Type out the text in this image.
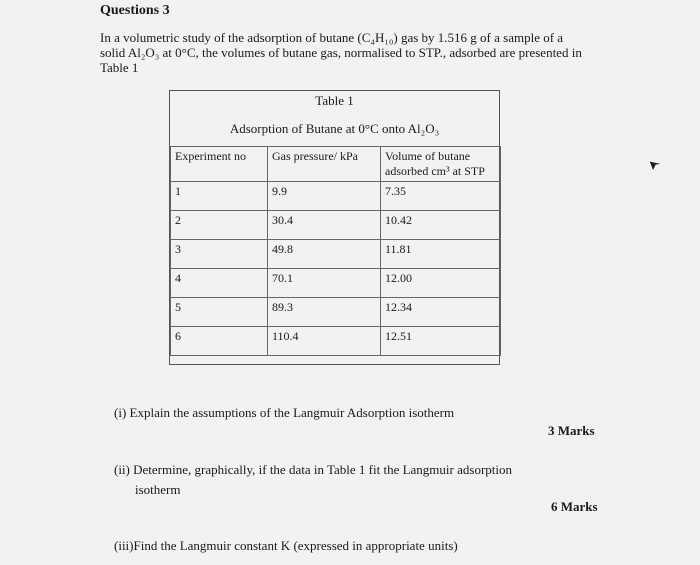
Questions 3

In a volumetric study of the adsorption of butane (C₄H₁₀) gas by 1.516 g of a sample of a

solid Al₂O₃ at 0°C, the volumes of butane gas, normalised to STP., adsorbed are presented in

Table 1

Table 1
Adsorption of Butane at 0°C onto Al₂O₃
Experiment no	Gas pressure/ kPa	Volume of butane adsorbed cm³ at STP
1	9.9	7.35
2	30.4	10.42
3	49.8	11.81
4	70.1	12.00
5	89.3	12.34
6	110.4	12.51
(i) Explain the assumptions of the Langmuir Adsorption isotherm
3 Marks
(ii) Determine, graphically, if the data in Table 1 fit the Langmuir adsorption
isotherm
6 Marks
(iii)Find the Langmuir constant K (expressed in appropriate units)
